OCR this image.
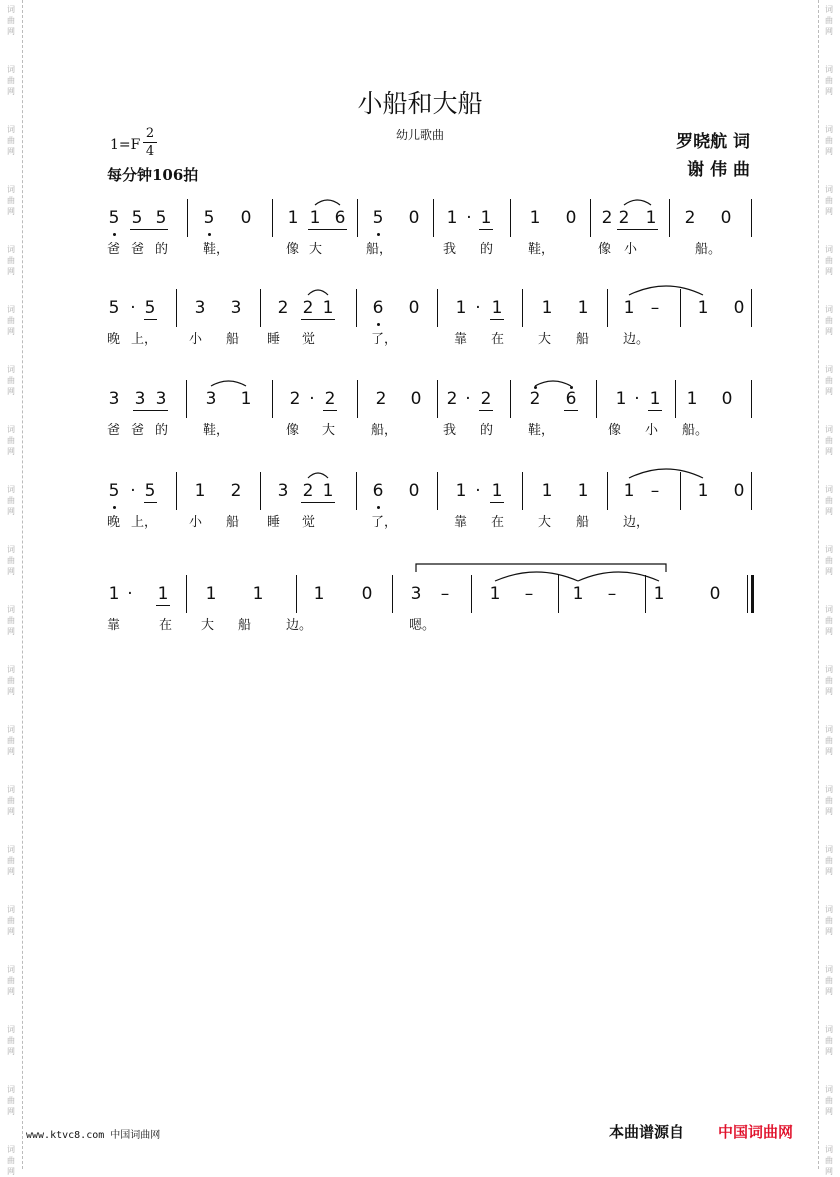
词
曲
网
词
曲
网
词
曲
网
词
曲
网
词
曲
网
词
曲
网
词
曲
网
词
曲
网
词
曲
网
词
曲
网
词
曲
网
词
曲
网
词
曲
网
词
曲
网
词
曲
网
词
曲
网
词
曲
网
词
曲
网
词
曲
网
词
曲
网
词
曲
网
词
曲
网
词
曲
网
词
曲
网
词
曲
网
词
曲
网
词
曲
网
词
曲
网
词
曲
网
词
曲
网
词
曲
网
词
曲
网
词
曲
网
词
曲
网
词
曲
网
词
曲
网
词
曲
网
词
曲
网
词
曲
网
词
曲
网
小船和大船
幼儿歌曲
1=F
2
4
每分钟106拍
罗晓航 词
谢 伟 曲
5 5 5 5 0 1 1 6 5 0 1 · 1 1 0 2 2 1 2 0
爸 爸 的	鞋，	像 大	船，	我 的	鞋，	像 小	船。
5 · 5 3 3 2 2 1 6 0 1 · 1 1 1 1 – 1 0
晚 上， 小 船 睡 觉	了，	靠 在	大 船	边。
3 3 3 3 1 2 · 2 2 0 2 · 2 2 6 1 · 1 1 0
爸 爸 的	鞋，	像 大	船，	我 的	鞋，	像 小 船。
5 · 5 1 2 3 2 1 6 0 1 · 1 1 1 1 – 1 0
晚 上， 小 船 睡 觉	了，	靠 在	大 船	边，
1 · 1 1 1	1 0 3 – 1 – 1 – 1	0
靠	在 大 船	边。	嗯。
www.ktvc8.com 中国词曲网	本曲谱源自 中国词曲网
